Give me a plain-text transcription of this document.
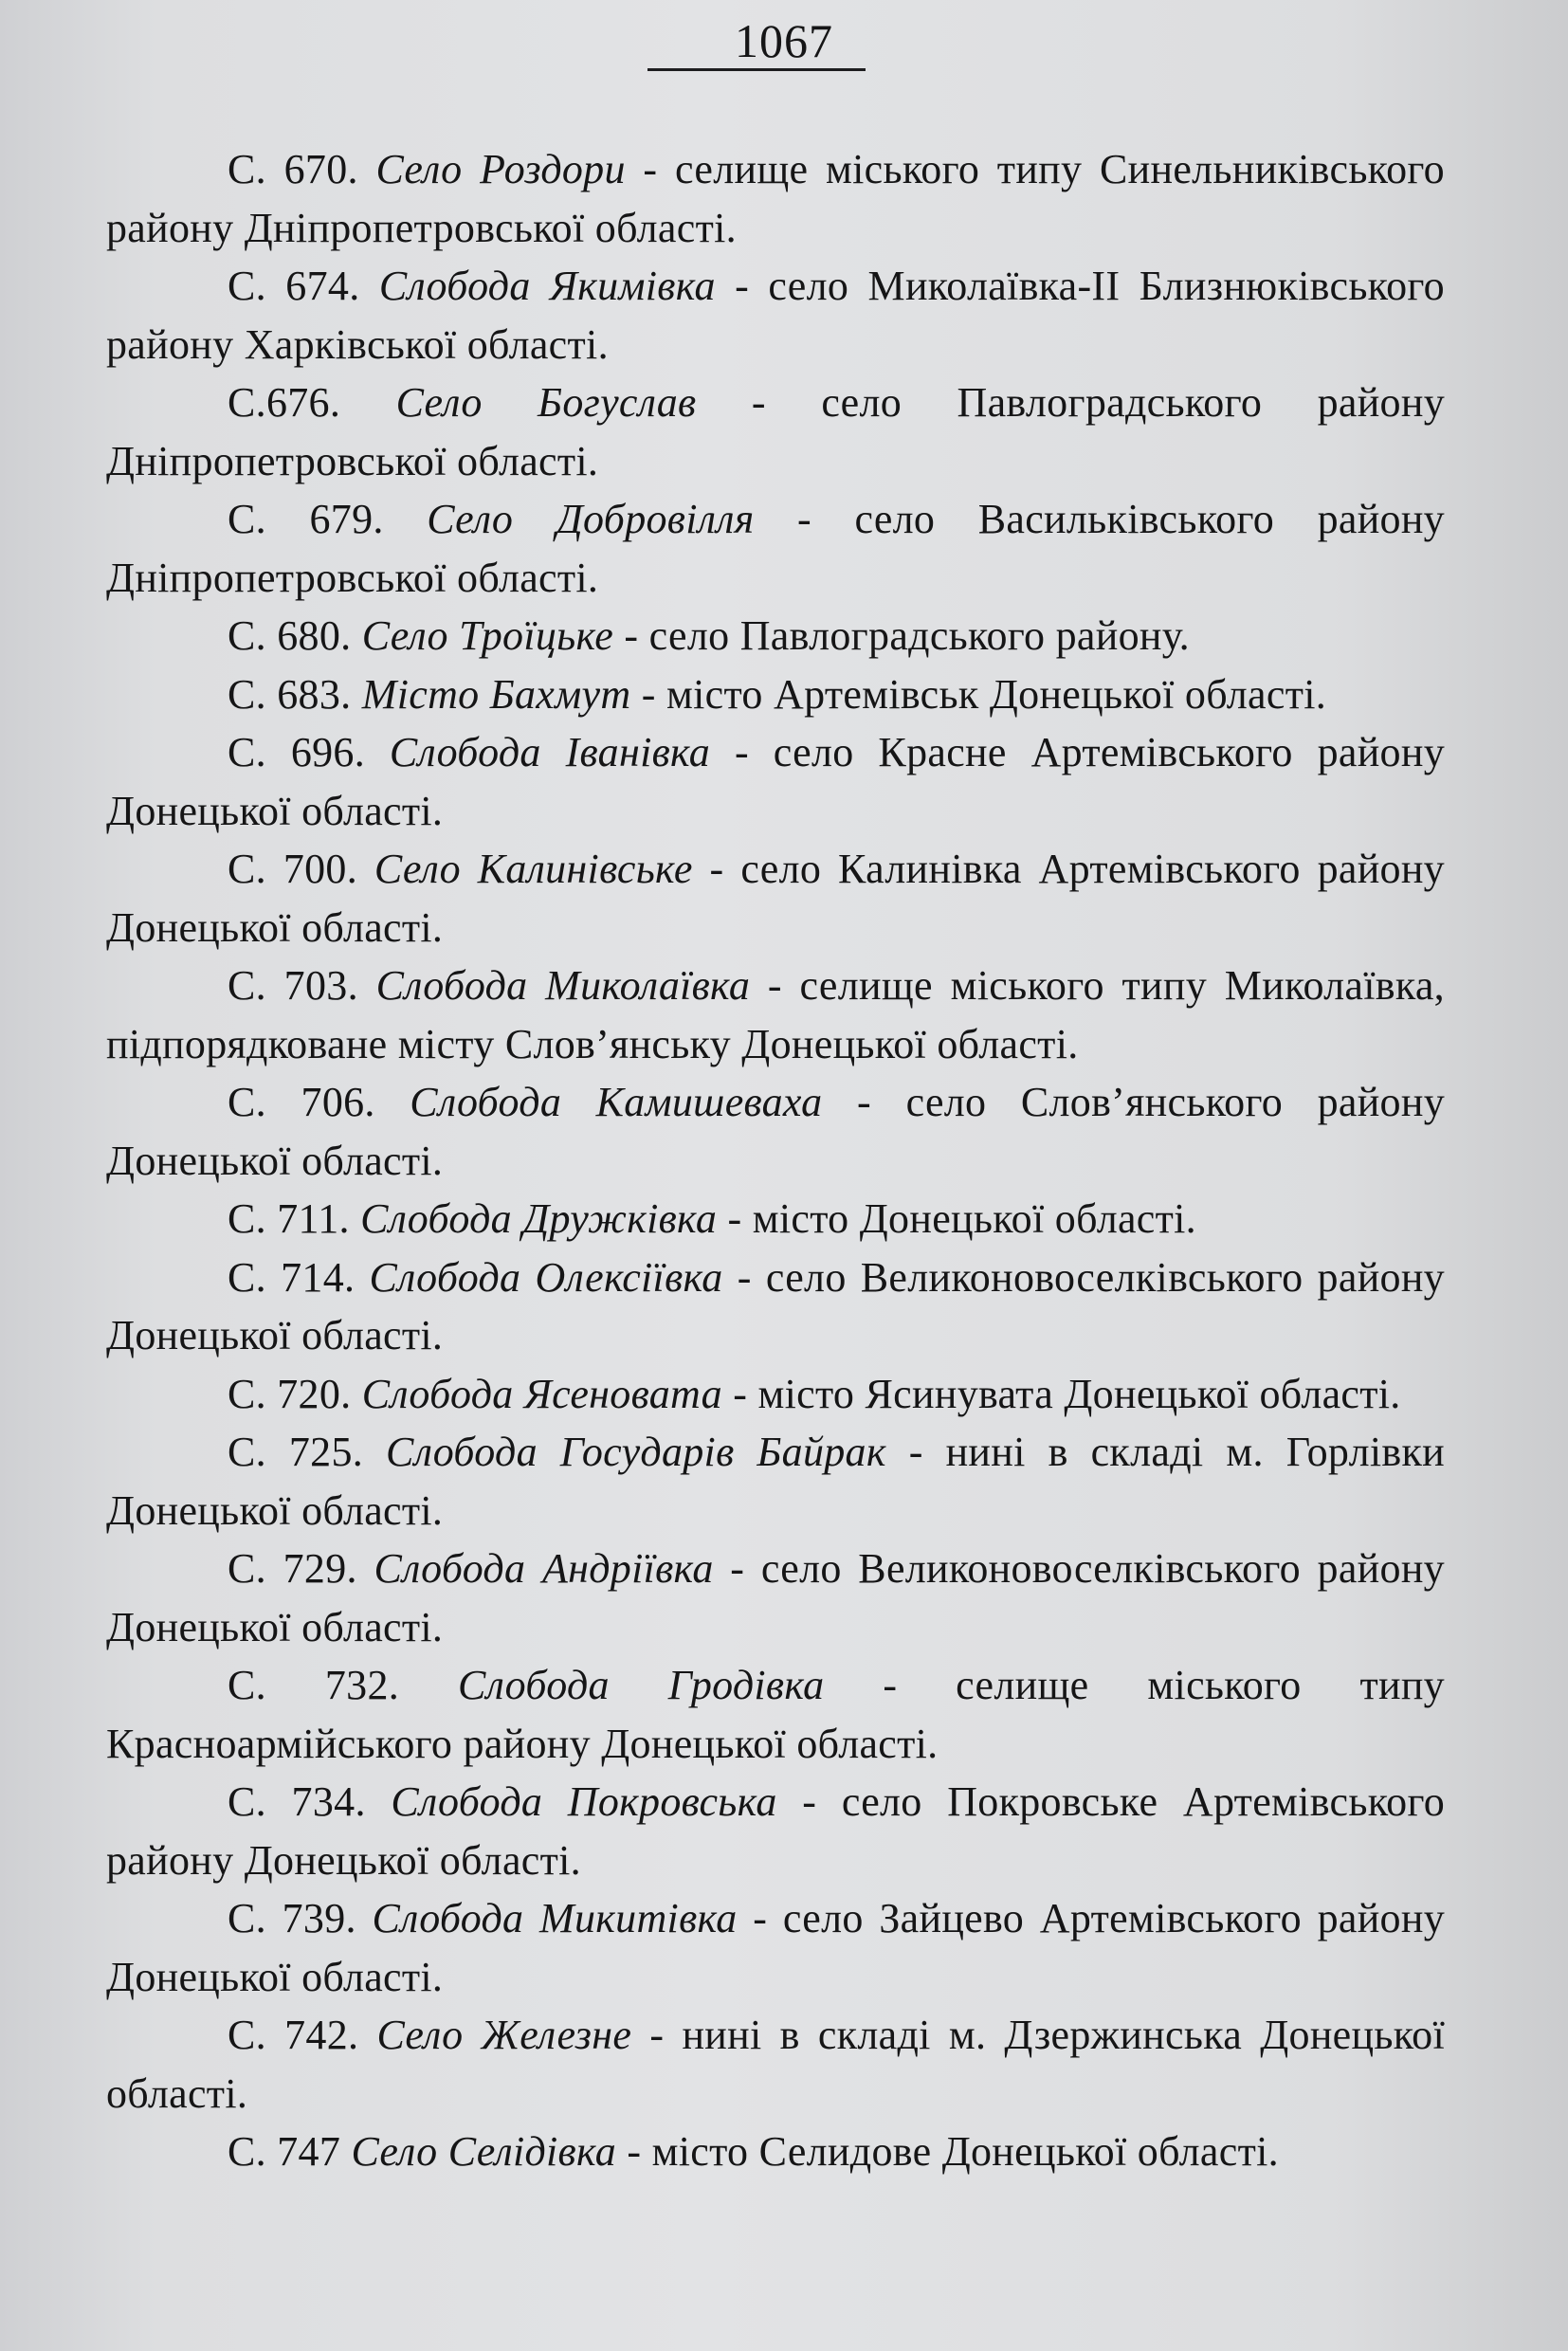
1067

С. 670. Село Роздори - селище міського типу Синельниківського району Дніпропетровської області.

С. 674. Слобода Якимівка - село Миколаївка-ІІ Близнюківського району Харківської області.

С.676. Село Богуслав - село Павлоградського району Дніпропетровської області.

С. 679. Село Добровілля - село Васильківського району Дніпропетровської області.

С. 680. Село Троїцьке - село Павлоградського району.

С. 683. Місто Бахмут - місто Артемівськ Донецької області.

С. 696. Слобода Іванівка - село Красне Артемівського району Донецької області.

С. 700. Село Калинівське - село Калинівка Артемівського району Донецької області.

С. 703. Слобода Миколаївка - селище міського типу Миколаївка, підпорядковане місту Слов’янську Донецької області.

С. 706. Слобода Камишеваха - село Слов’янського району Донецької області.

С. 711. Слобода Дружківка - місто Донецької області.

С. 714. Слобода Олексіївка - село Великоновоселківського району Донецької області.

С. 720. Слобода Ясеновата - місто Ясинувата Донецької області.

С. 725. Слобода Государів Байрак - нині в складі м. Горлівки Донецької області.

С. 729. Слобода Андріївка - село Великоновоселківського району Донецької області.

С. 732. Слобода Гродівка - селище міського типу Красноармійського району Донецької області.

С. 734. Слобода Покровська - село Покровське Артемівського району Донецької області.

С. 739. Слобода Микитівка - село Зайцево Артемівського району Донецької області.

С. 742. Село Железне - нині в складі м. Дзержинська Донецької області.

С. 747 Село Селідівка - місто Селидове Донецької області.
